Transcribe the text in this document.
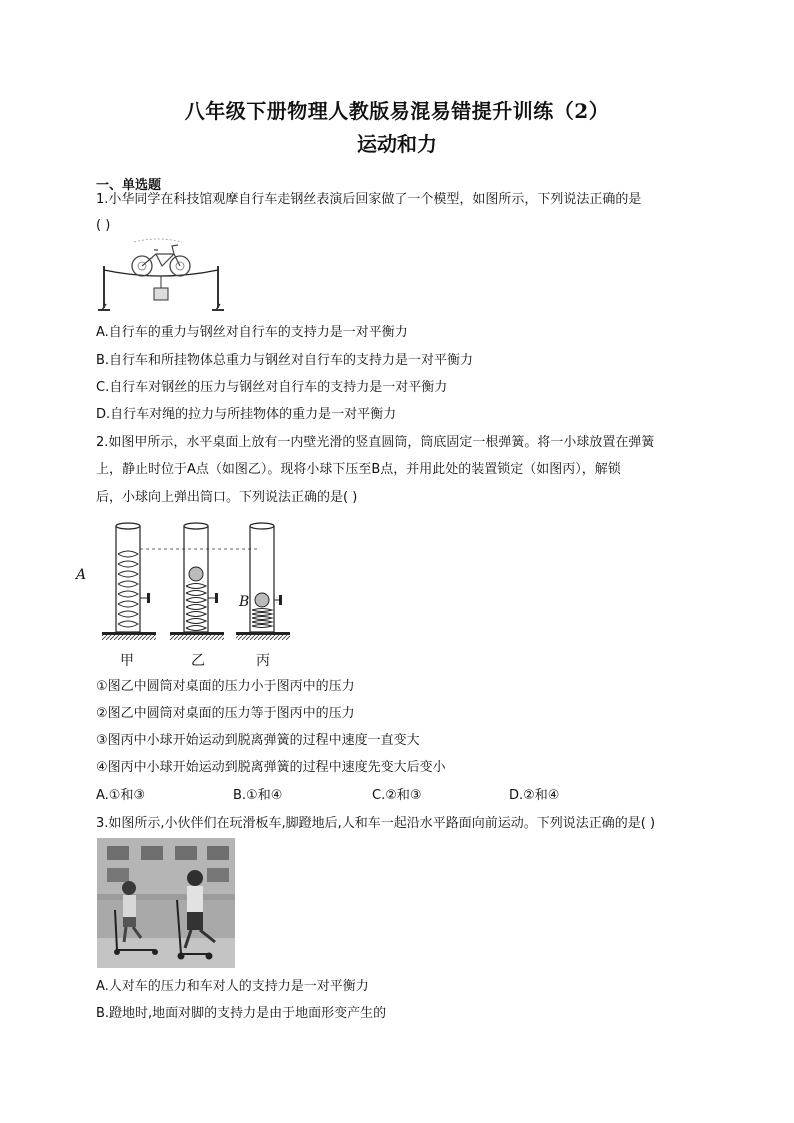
八年级下册物理人教版易混易错提升训练（2）
运动和力
一、单选题
1.小华同学在科技馆观摩自行车走钢丝表演后回家做了一个模型，如图所示，下列说法正确的是
( )
A.自行车的重力与钢丝对自行车的支持力是一对平衡力
B.自行车和所挂物体总重力与钢丝对自行车的支持力是一对平衡力
C.自行车对钢丝的压力与钢丝对自行车的支持力是一对平衡力
D.自行车对绳的拉力与所挂物体的重力是一对平衡力
2.如图甲所示，水平桌面上放有一内壁光滑的竖直圆筒，筒底固定一根弹簧。将一小球放置在弹簧
上，静止时位于A点（如图乙）。现将小球下压至B点，并用此处的装置锁定（如图丙），解锁
后，小球向上弹出筒口。下列说法正确的是( )
A
B
甲	乙	丙
①图乙中圆筒对桌面的压力小于图丙中的压力
②图乙中圆筒对桌面的压力等于图丙中的压力
③图丙中小球开始运动到脱离弹簧的过程中速度一直变大
④图丙中小球开始运动到脱离弹簧的过程中速度先变大后变小
A.①和③	B.①和④	C.②和③	D.②和④
3.如图所示,小伙伴们在玩滑板车,脚蹬地后,人和车一起沿水平路面向前运动。下列说法正确的是( )
A.人对车的压力和车对人的支持力是一对平衡力
B.蹬地时,地面对脚的支持力是由于地面形变产生的
